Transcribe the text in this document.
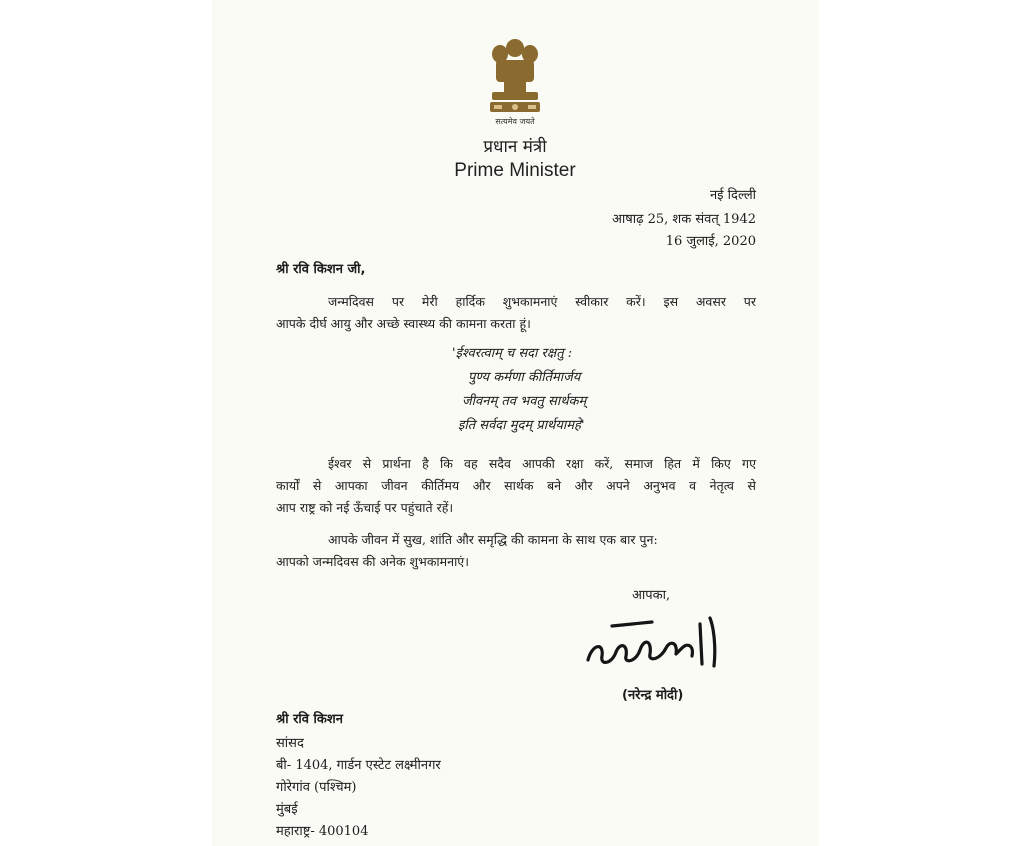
सत्यमेव जयते
प्रधान मंत्री
Prime Minister
नई दिल्ली
आषाढ़ 25, शक संवत् 1942
16 जुलाई, 2020
श्री रवि किशन जी,
जन्मदिवस पर मेरी हार्दिक शुभकामनाएं स्वीकार करें। इस अवसर पर
आपके दीर्घ आयु और अच्छे स्वास्थ्य की कामना करता हूं।
'ईश्वरत्वाम् च सदा रक्षतु :
पुण्य कर्मणा कीर्तिमार्जय
जीवनम् तव भवतु सार्थकम्
इति सर्वदा मुदम् प्रार्थयामहे'
ईश्वर से प्रार्थना है कि वह सदैव आपकी रक्षा करें, समाज हित में किए गए
कार्यों से आपका जीवन कीर्तिमय और सार्थक बने और अपने अनुभव व नेतृत्व से
आप राष्ट्र को नई ऊँचाई पर पहुंचाते रहें।
आपके जीवन में सुख, शांति और समृद्धि की कामना के साथ एक बार पुन:
आपको जन्मदिवस की अनेक शुभकामनाएं।
आपका,
(नरेन्द्र मोदी)
श्री रवि किशन
सांसद
बी- 1404, गार्डन एस्टेट लक्ष्मीनगर
गोरेगांव (पश्चिम)
मुंबई
महाराष्ट्र- 400104
